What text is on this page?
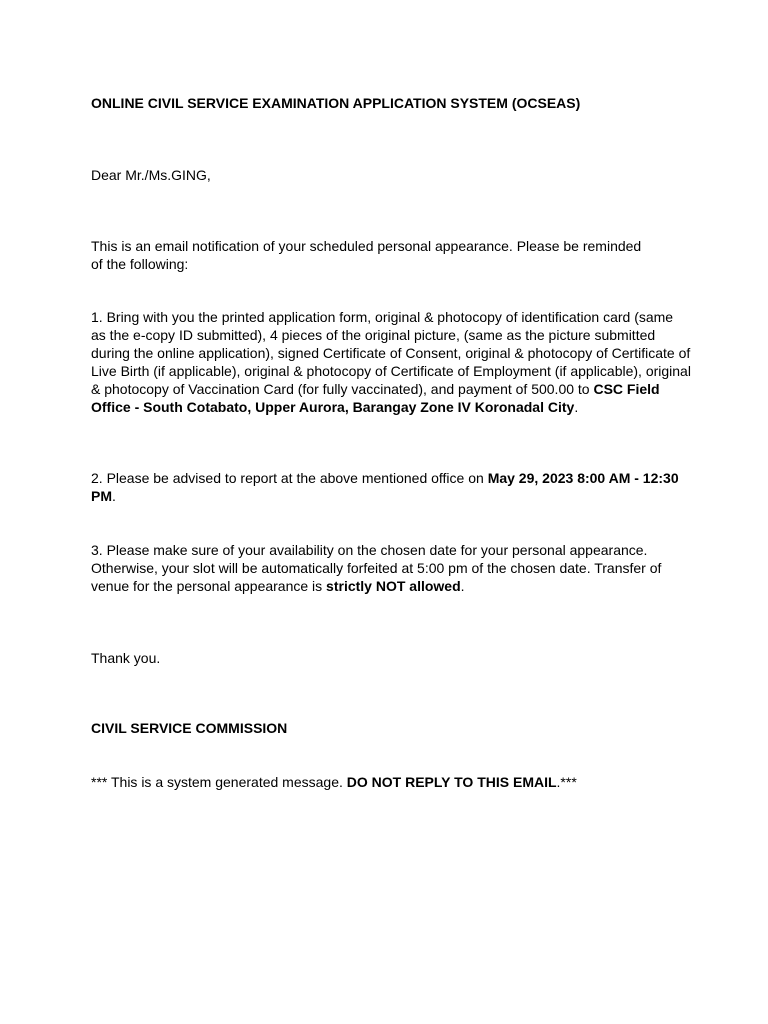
ONLINE CIVIL SERVICE EXAMINATION APPLICATION SYSTEM (OCSEAS)

Dear Mr./Ms.GING,

This is an email notification of your scheduled personal appearance. Please be reminded of the following:

1. Bring with you the printed application form, original & photocopy of identification card (same as the e-copy ID submitted), 4 pieces of the original picture, (same as the picture submitted during the online application), signed Certificate of Consent, original & photocopy of Certificate of Live Birth (if applicable), original & photocopy of Certificate of Employment (if applicable), original & photocopy of Vaccination Card (for fully vaccinated), and payment of 500.00 to CSC Field Office - South Cotabato, Upper Aurora, Barangay Zone IV Koronadal City.

2. Please be advised to report at the above mentioned office on May 29, 2023 8:00 AM - 12:30 PM.

3. Please make sure of your availability on the chosen date for your personal appearance. Otherwise, your slot will be automatically forfeited at 5:00 pm of the chosen date. Transfer of venue for the personal appearance is strictly NOT allowed.

Thank you.

CIVIL SERVICE COMMISSION

*** This is a system generated message. DO NOT REPLY TO THIS EMAIL.***
